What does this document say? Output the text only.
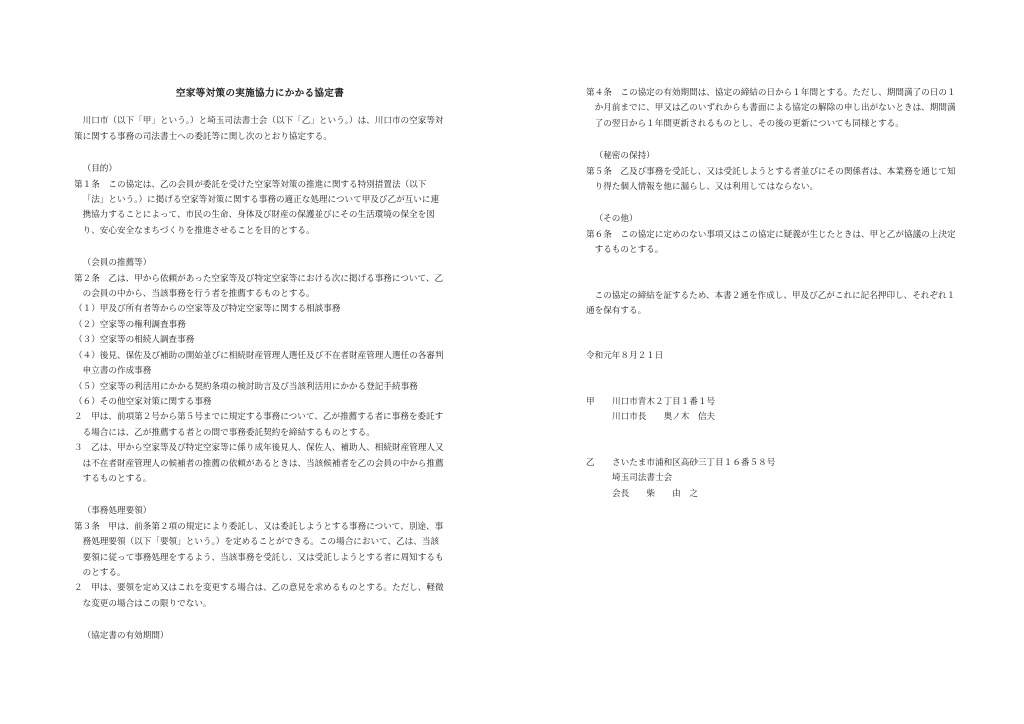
空家等対策の実施協力にかかる協定書

川口市（以下「甲」という。）と埼玉司法書士会（以下「乙」という。）は、川口市の空家等対策に関する事務の司法書士への委託等に関し次のとおり協定する。

（目的）

第１条　この協定は、乙の会員が委託を受けた空家等対策の推進に関する特別措置法（以下「法」という。）に掲げる空家等対策に関する事務の適正な処理について甲及び乙が互いに連携協力することによって、市民の生命、身体及び財産の保護並びにその生活環境の保全を図り、安心安全なまちづくりを推進させることを目的とする。

（会員の推薦等）

第２条　乙は、甲から依頼があった空家等及び特定空家等における次に掲げる事務について、乙の会員の中から、当該事務を行う者を推薦するものとする。

（１）甲及び所有者等からの空家等及び特定空家等に関する相談事務

（２）空家等の権利調査事務

（３）空家等の相続人調査事務

（４）後見、保佐及び補助の開始並びに相続財産管理人選任及び不在者財産管理人選任の各審判申立書の作成事務

（５）空家等の利活用にかかる契約条項の検討助言及び当該利活用にかかる登記手続事務

（６）その他空家対策に関する事務

２　甲は、前項第２号から第５号までに規定する事務について、乙が推薦する者に事務を委託する場合には、乙が推薦する者との間で事務委託契約を締結するものとする。

３　乙は、甲から空家等及び特定空家等に係り成年後見人、保佐人、補助人、相続財産管理人又は不在者財産管理人の候補者の推薦の依頼があるときは、当該候補者を乙の会員の中から推薦するものとする。

（事務処理要領）

第３条　甲は、前条第２項の規定により委託し、又は委託しようとする事務について、別途、事務処理要領（以下「要領」という。）を定めることができる。この場合において、乙は、当該要領に従って事務処理をするよう、当該事務を受託し、又は受託しようとする者に周知するものとする。

２　甲は、要領を定め又はこれを変更する場合は、乙の意見を求めるものとする。ただし、軽微な変更の場合はこの限りでない。

（協定書の有効期間）

第４条　この協定の有効期間は、協定の締結の日から１年間とする。ただし、期間満了の日の１か月前までに、甲又は乙のいずれからも書面による協定の解除の申し出がないときは、期間満了の翌日から１年間更新されるものとし、その後の更新についても同様とする。

（秘密の保持）

第５条　乙及び事務を受託し、又は受託しようとする者並びにその関係者は、本業務を通じて知り得た個人情報を他に漏らし、又は利用してはならない。

（その他）

第６条　この協定に定めのない事項又はこの協定に疑義が生じたときは、甲と乙が協議の上決定するものとする。

この協定の締結を証するため、本書２通を作成し、甲及び乙がこれに記名押印し、それぞれ１通を保有する。

令和元年８月２１日

甲	川口市青木２丁目１番１号

川口市長　　奥ノ木　信夫

乙	さいたま市浦和区高砂三丁目１６番５８号

埼玉司法書士会

会長　　柴　　由　之
